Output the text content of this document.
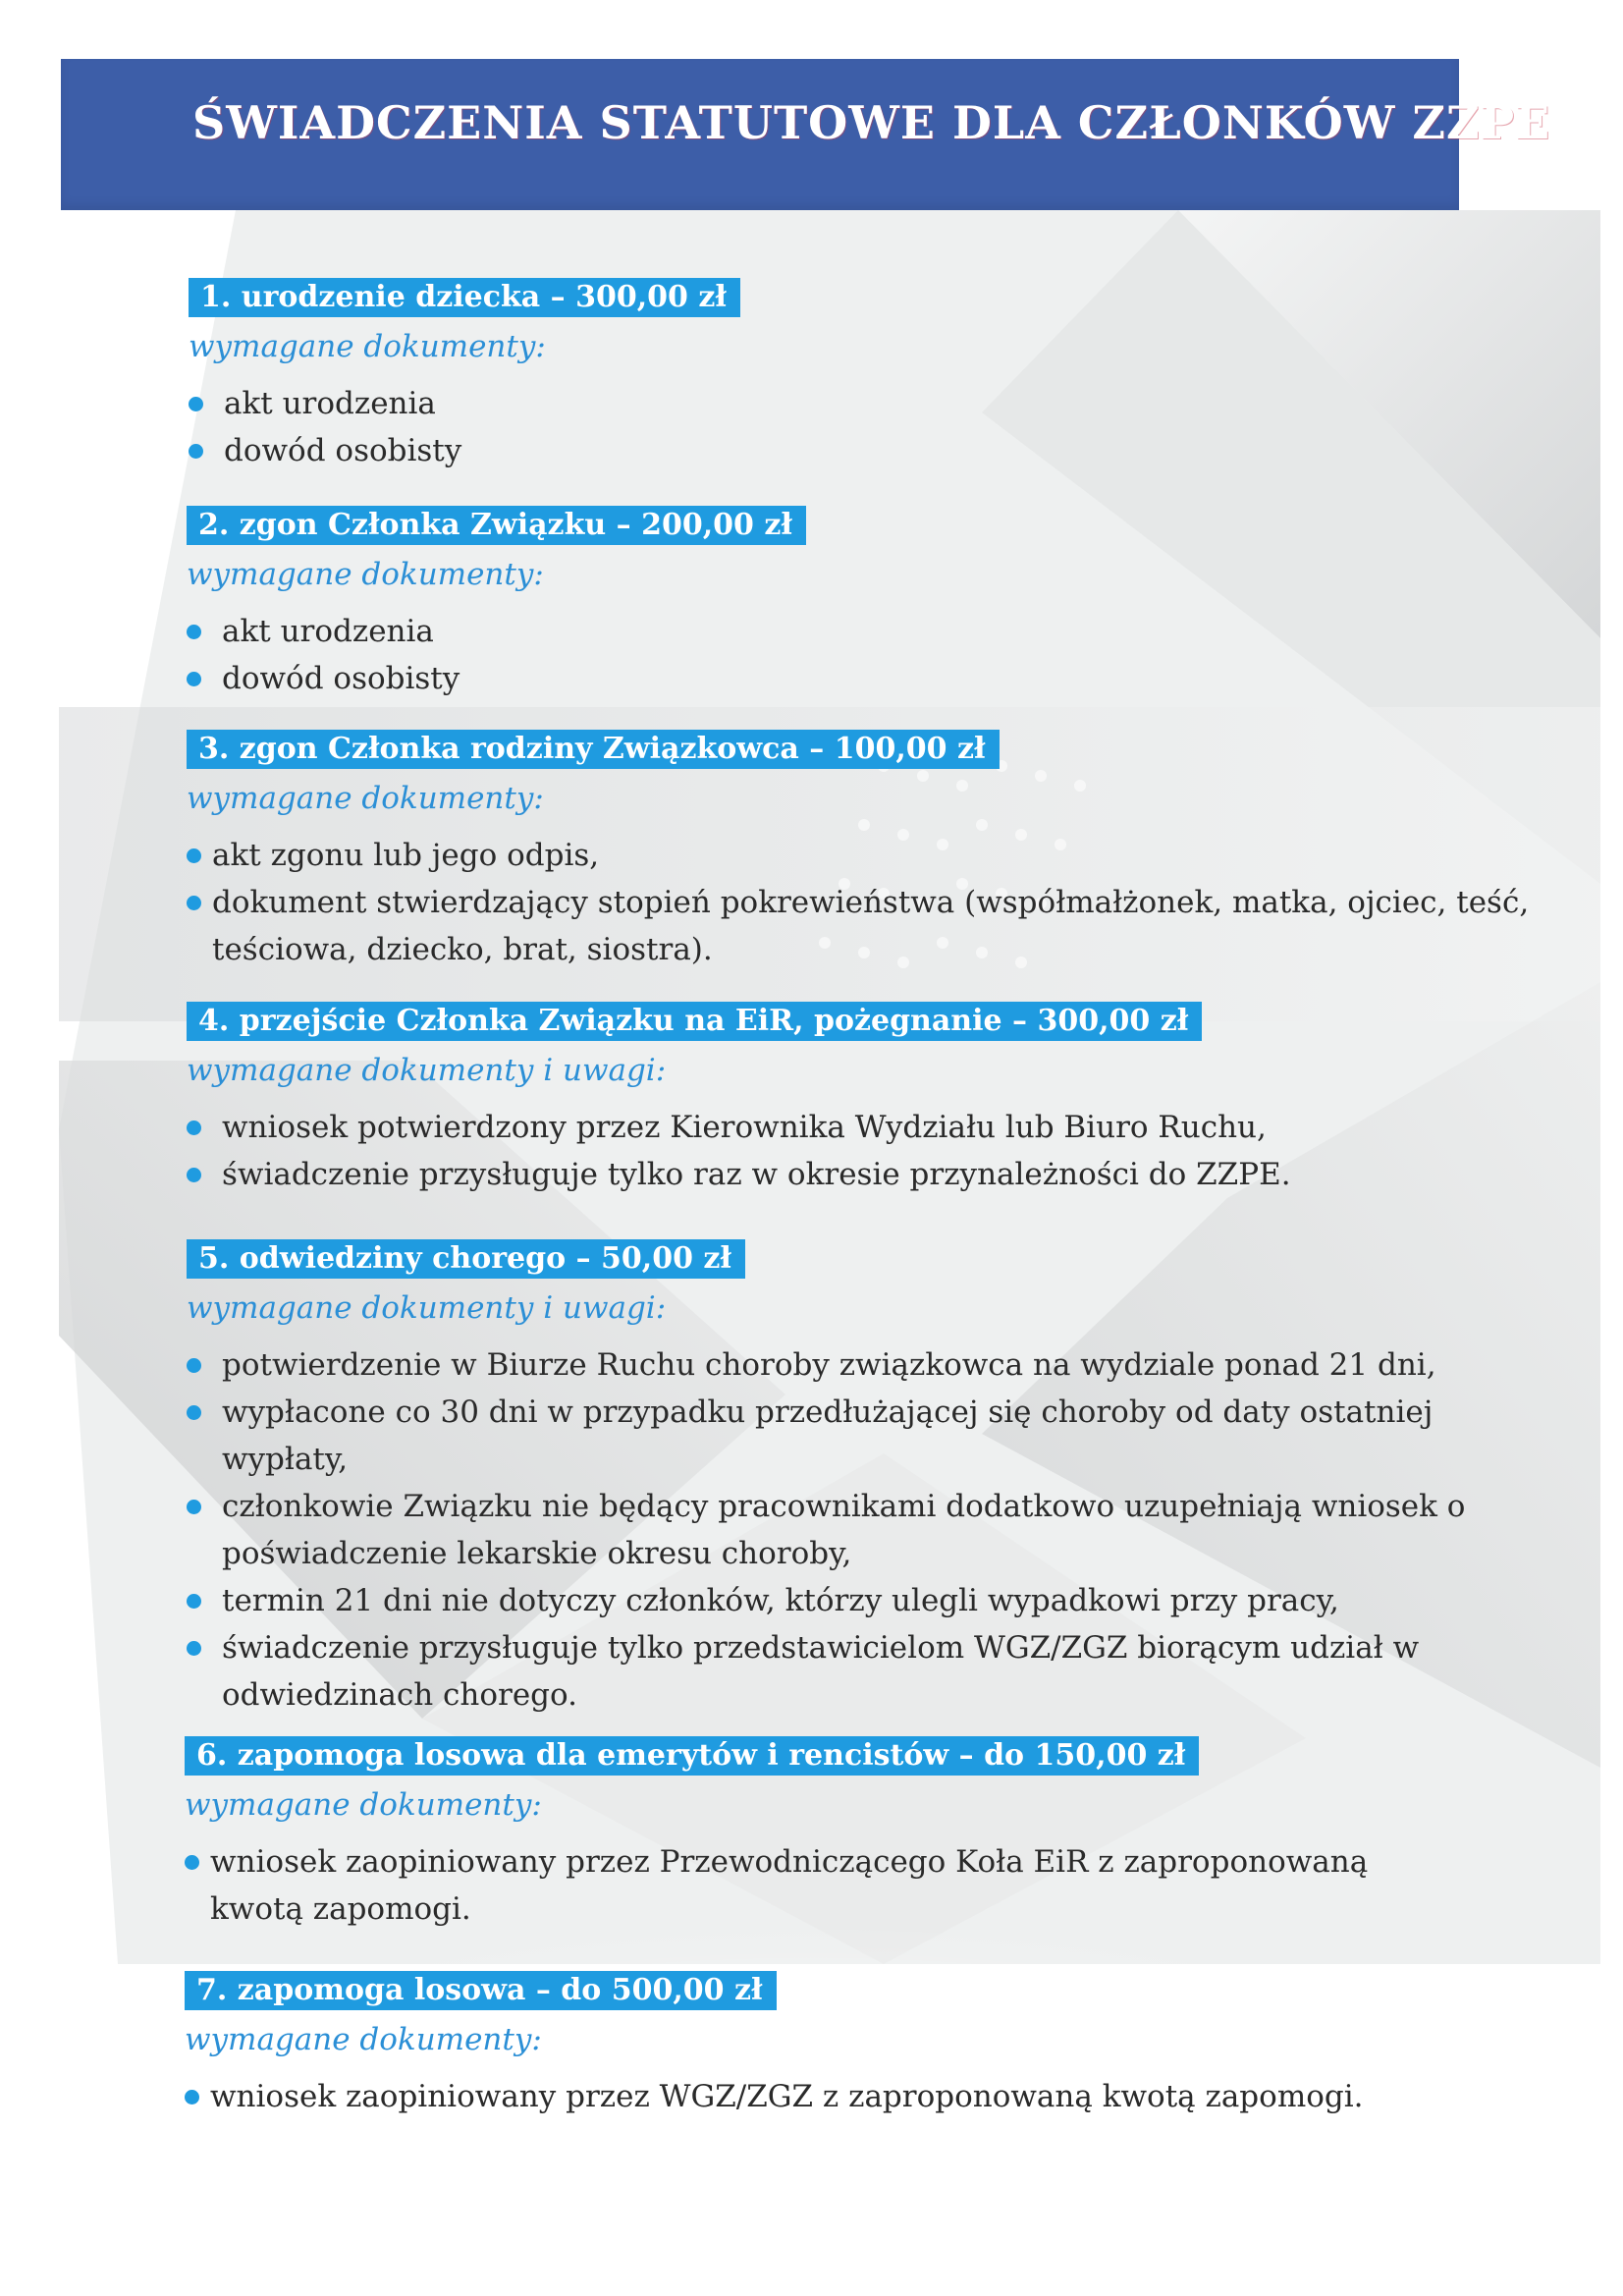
ŚWIADCZENIA STATUTOWE DLA CZŁONKÓW ZZPE
1. urodzenie dziecka – 300,00 zł
wymagane dokumenty:
akt urodzenia
dowód osobisty
2. zgon Członka Związku – 200,00 zł
wymagane dokumenty:
akt urodzenia
dowód osobisty
3. zgon Członka rodziny Związkowca – 100,00 zł
wymagane dokumenty:
akt zgonu lub jego odpis,
dokument stwierdzający stopień pokrewieństwa (współmałżonek, matka, ojciec, teść, teściowa, dziecko, brat, siostra).
4. przejście Członka Związku na EiR, pożegnanie – 300,00 zł
wymagane dokumenty i uwagi:
wniosek potwierdzony przez Kierownika Wydziału lub Biuro Ruchu,
świadczenie przysługuje tylko raz w okresie przynależności do ZZPE.
5. odwiedziny chorego – 50,00 zł
wymagane dokumenty i uwagi:
potwierdzenie w Biurze Ruchu choroby związkowca na wydziale ponad 21 dni,
wypłacone co 30 dni w przypadku przedłużającej się choroby od daty ostatniej wypłaty,
członkowie Związku nie będący pracownikami dodatkowo uzupełniają wniosek o poświadczenie lekarskie okresu choroby,
termin 21 dni nie dotyczy członków, którzy ulegli wypadkowi przy pracy,
świadczenie przysługuje tylko przedstawicielom WGZ/ZGZ biorącym udział w odwiedzinach chorego.
6. zapomoga losowa dla emerytów i rencistów – do 150,00 zł
wymagane dokumenty:
wniosek zaopiniowany przez Przewodniczącego Koła EiR z zaproponowaną kwotą zapomogi.
7. zapomoga losowa – do 500,00 zł
wymagane dokumenty:
wniosek zaopiniowany przez WGZ/ZGZ z zaproponowaną kwotą zapomogi.
